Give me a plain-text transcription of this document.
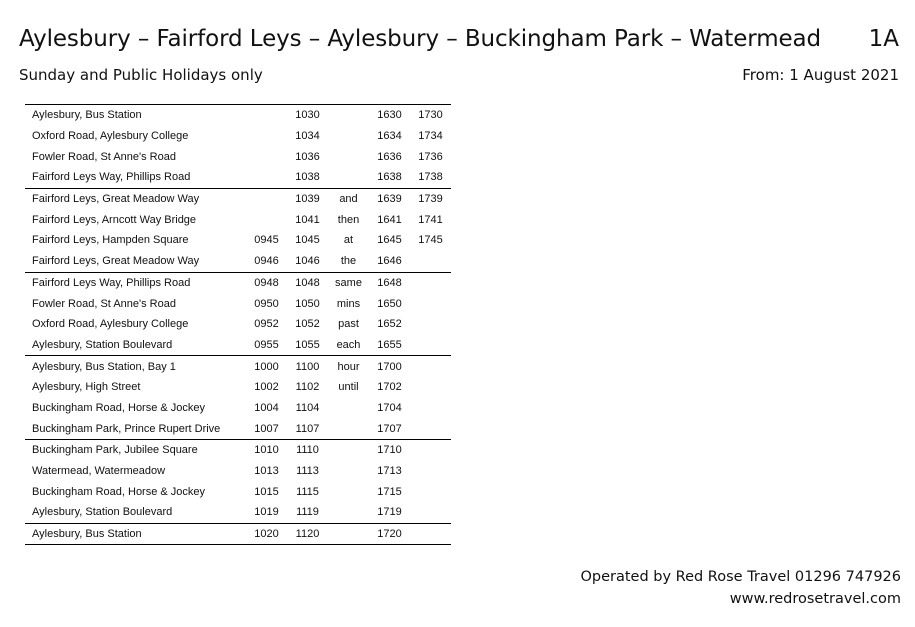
Aylesbury – Fairford Leys – Aylesbury – Buckingham Park – Watermead 1A
Sunday and Public Holidays only	From: 1 August 2021
Aylesbury, Bus Station		1030		1630	1730
Oxford Road, Aylesbury College		1034		1634	1734
Fowler Road, St Anne's Road		1036		1636	1736
Fairford Leys Way, Phillips Road		1038		1638	1738
Fairford Leys, Great Meadow Way		1039	and	1639	1739
Fairford Leys, Arncott Way Bridge		1041	then	1641	1741
Fairford Leys, Hampden Square	0945	1045	at	1645	1745
Fairford Leys, Great Meadow Way	0946	1046	the	1646	
Fairford Leys Way, Phillips Road	0948	1048	same	1648	
Fowler Road, St Anne's Road	0950	1050	mins	1650	
Oxford Road, Aylesbury College	0952	1052	past	1652	
Aylesbury, Station Boulevard	0955	1055	each	1655	
Aylesbury, Bus Station, Bay 1	1000	1100	hour	1700	
Aylesbury, High Street	1002	1102	until	1702	
Buckingham Road, Horse & Jockey	1004	1104		1704	
Buckingham Park, Prince Rupert Drive	1007	1107		1707	
Buckingham Park, Jubilee Square	1010	1110		1710	
Watermead, Watermeadow	1013	1113		1713	
Buckingham Road, Horse & Jockey	1015	1115		1715	
Aylesbury, Station Boulevard	1019	1119		1719	
Aylesbury, Bus Station	1020	1120		1720	
Operated by Red Rose Travel 01296 747926
www.redrosetravel.com
